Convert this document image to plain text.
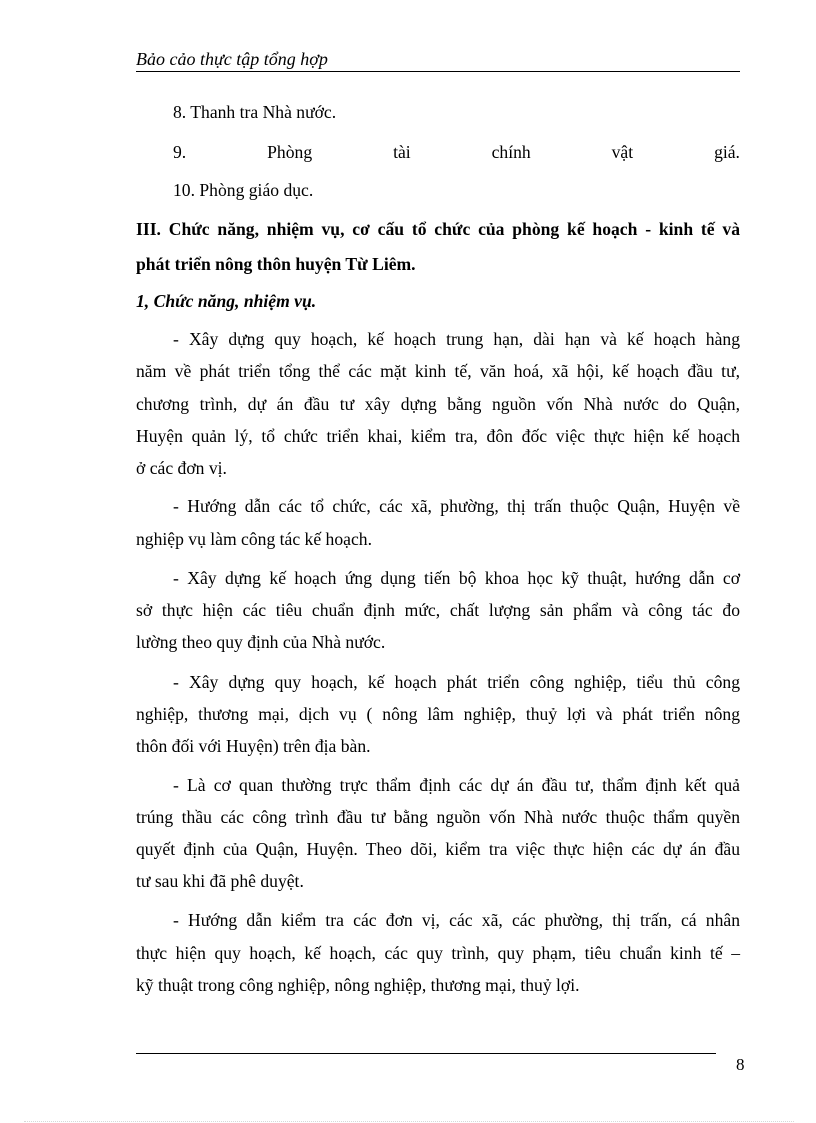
Bảo cảo thực tập tổng hợp
8. Thanh tra Nhà nước.
9.	Phòng	tài	chính	vật	giá.
10. Phòng giáo dục.
III. Chức năng, nhiệm vụ, cơ cấu tổ chức của phòng kế hoạch - kinh tế và
phát triển nông thôn huyện Từ Liêm.
1, Chức năng, nhiệm vụ.
- Xây dựng quy hoạch, kế hoạch trung hạn, dài hạn và kế hoạch hàng
năm về phát triển tổng thể các mặt kinh tế, văn hoá, xã hội, kế hoạch đầu tư,
chương trình, dự án đầu tư xây dựng bằng nguồn vốn Nhà nước do Quận,
Huyện quản lý, tổ chức triển khai, kiểm tra, đôn đốc việc thực hiện kế hoạch
ở các đơn vị.
- Hướng dẫn các tổ chức, các xã, phường, thị trấn thuộc Quận, Huyện về
nghiệp vụ làm công tác kế hoạch.
- Xây dựng kế hoạch ứng dụng tiến bộ khoa học kỹ thuật, hướng dẫn cơ
sở thực hiện các tiêu chuẩn định mức, chất lượng sản phẩm và công tác đo
lường theo quy định của Nhà nước.
- Xây dựng quy hoạch, kế hoạch phát triển công nghiệp, tiểu thủ công
nghiệp, thương mại, dịch vụ ( nông lâm nghiệp, thuỷ lợi và phát triển nông
thôn đối với Huyện) trên địa bàn.
- Là cơ quan thường trực thẩm định các dự án đầu tư, thẩm định kết quả
trúng thầu các công trình đầu tư bằng nguồn vốn Nhà nước thuộc thẩm quyền
quyết định của Quận, Huyện. Theo dõi, kiểm tra việc thực hiện các dự án đầu
tư sau khi đã phê duyệt.
- Hướng dẫn kiểm tra các đơn vị, các xã, các phường, thị trấn, cá nhân
thực hiện quy hoạch, kế hoạch, các quy trình, quy phạm, tiêu chuẩn kinh tế –
kỹ thuật trong công nghiệp, nông nghiệp, thương mại, thuỷ lợi.
8
